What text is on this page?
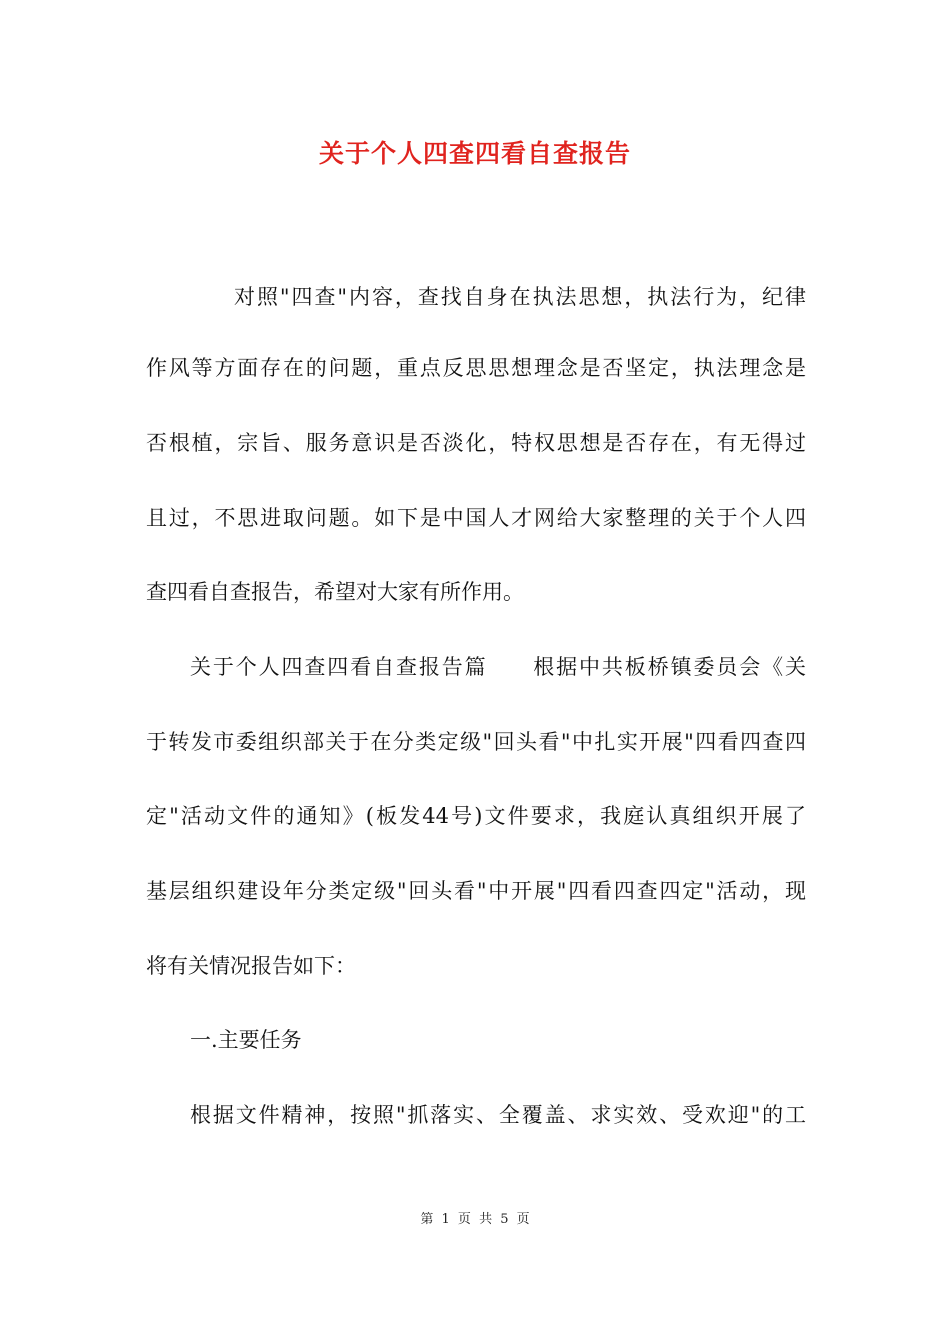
关于个人四查四看自查报告
对照"四查"内容，查找自身在执法思想，执法行为，纪律
作风等方面存在的问题，重点反思思想理念是否坚定，执法理念是
否根植，宗旨、服务意识是否淡化，特权思想是否存在，有无得过
且过，不思进取问题。如下是中国人才网给大家整理的关于个人四
查四看自查报告，希望对大家有所作用。
关于个人四查四看自查报告篇　　根据中共板桥镇委员会《关
于转发市委组织部关于在分类定级"回头看"中扎实开展"四看四查四
定"活动文件的通知》(板发44号)文件要求，我庭认真组织开展了
基层组织建设年分类定级"回头看"中开展"四看四查四定"活动，现
将有关情况报告如下：
一.主要任务
根据文件精神，按照"抓落实、全覆盖、求实效、受欢迎"的工
第 1 页 共 5 页
